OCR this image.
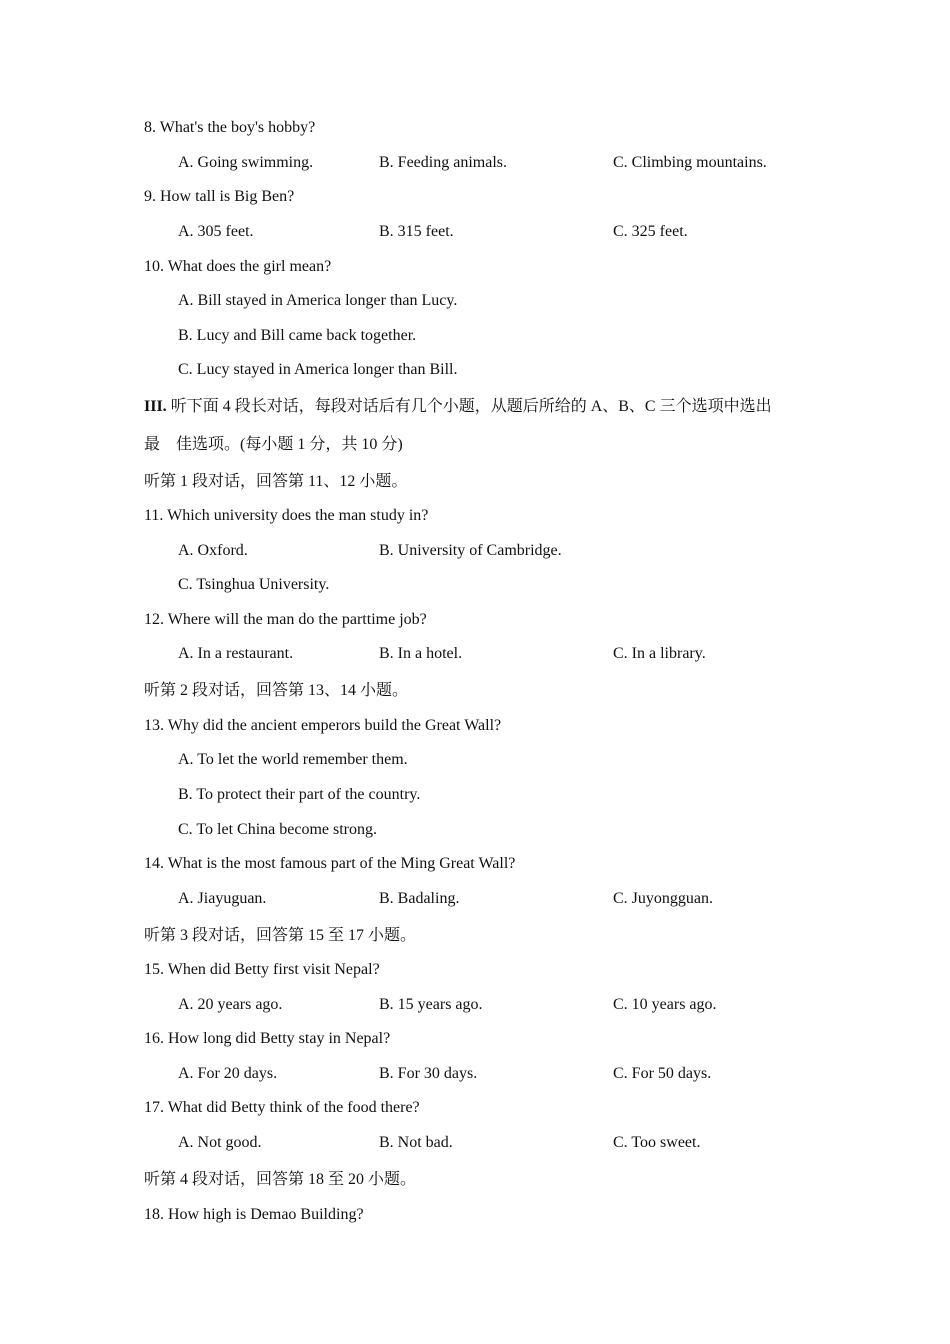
8. What's the boy's hobby?
A. Going swimming.	B. Feeding animals.	C. Climbing mountains.
9. How tall is Big Ben?
A. 305 feet.	B. 315 feet.	C. 325 feet.
10. What does the girl mean?
A. Bill stayed in America longer than Lucy.
B. Lucy and Bill came back together.
C. Lucy stayed in America longer than Bill.
III. 听下面 4 段长对话，每段对话后有几个小题，从题后所给的 A、B、C 三个选项中选出
最　佳选项。(每小题 1 分，共 10 分)
听第 1 段对话，回答第 11、12 小题。
11. Which university does the man study in?
A. Oxford.	B. University of Cambridge.
C. Tsinghua University.
12. Where will the man do the parttime job?
A. In a restaurant.	B. In a hotel.	C. In a library.
听第 2 段对话，回答第 13、14 小题。
13. Why did the ancient emperors build the Great Wall?
A. To let the world remember them.
B. To protect their part of the country.
C. To let China become strong.
14. What is the most famous part of the Ming Great Wall?
A. Jiayuguan.	B. Badaling.	C. Juyongguan.
听第 3 段对话，回答第 15 至 17 小题。
15. When did Betty first visit Nepal?
A. 20 years ago.	B. 15 years ago.	C. 10 years ago.
16. How long did Betty stay in Nepal?
A. For 20 days.	B. For 30 days.	C. For 50 days.
17. What did Betty think of the food there?
A. Not good.	B. Not bad.	C. Too sweet.
听第 4 段对话，回答第 18 至 20 小题。
18. How high is Demao Building?
